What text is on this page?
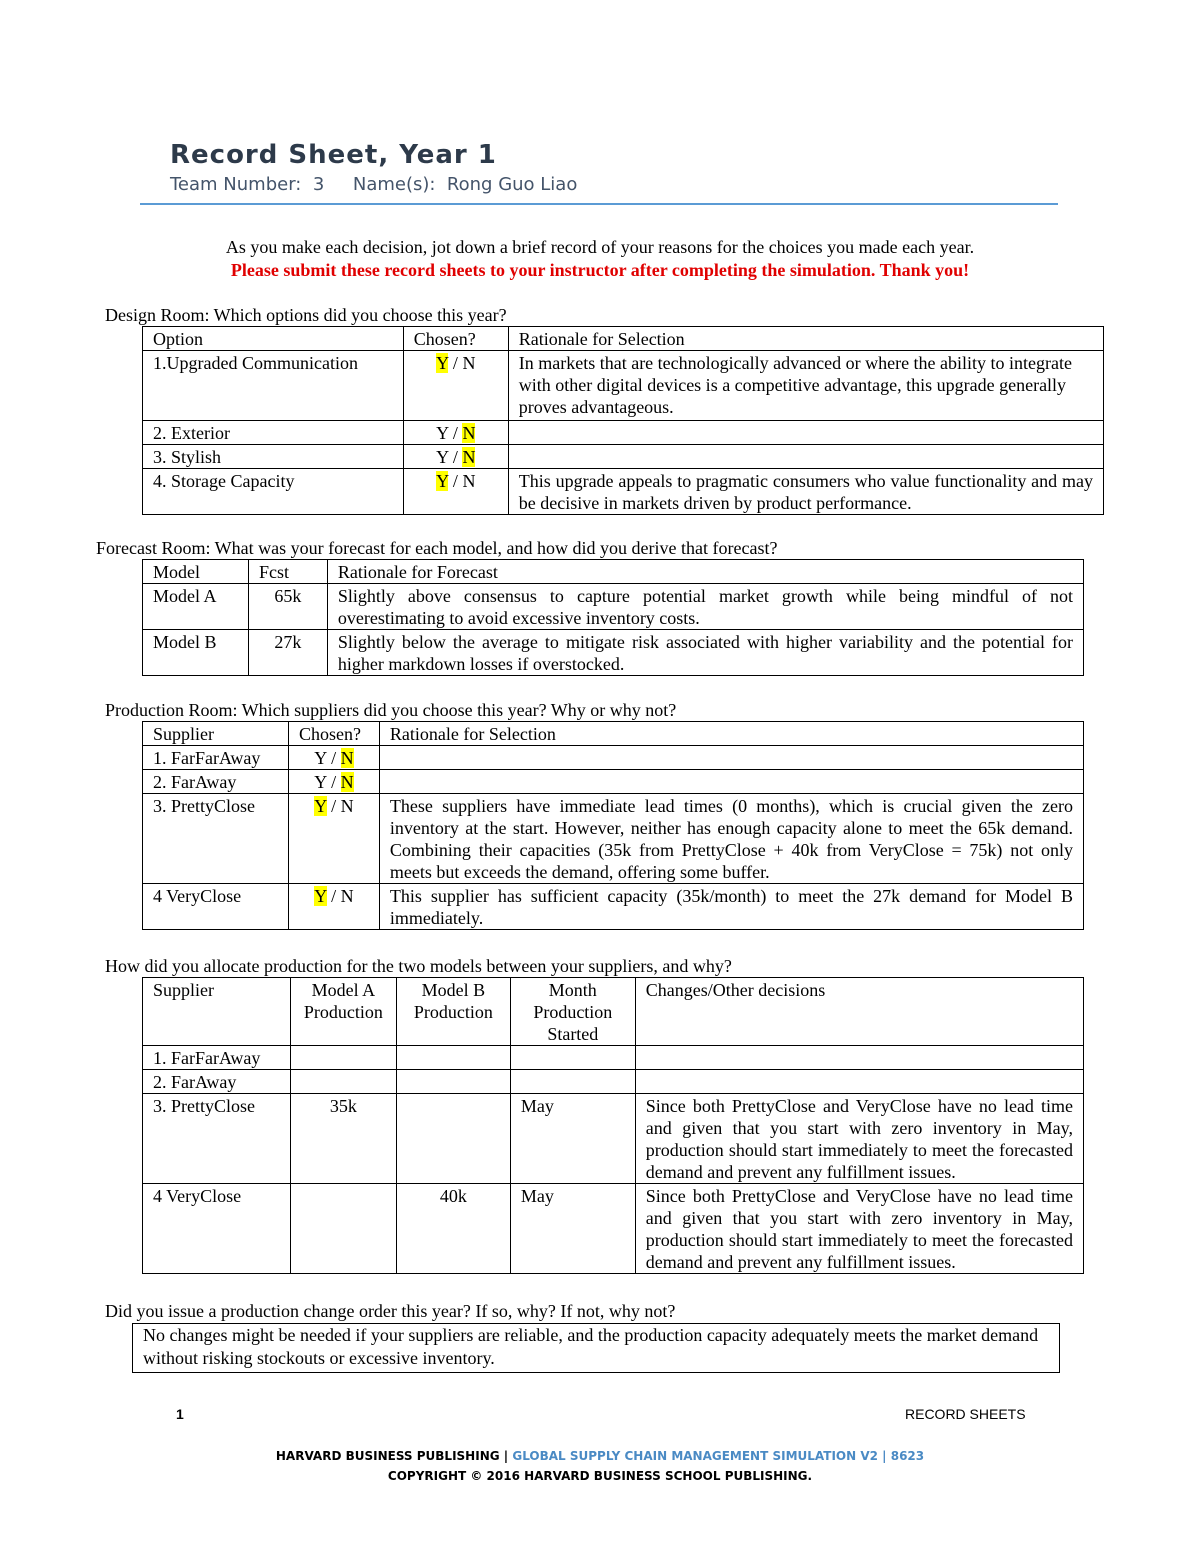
Record Sheet, Year 1
Team Number: 3 Name(s): Rong Guo Liao
As you make each decision, jot down a brief record of your reasons for the choices you made each year.
Please submit these record sheets to your instructor after completing the simulation. Thank you!
Design Room: Which options did you choose this year?
Option	Chosen?	Rationale for Selection
1.Upgraded Communication	Y / N	In markets that are technologically advanced or where the ability to integrate with other digital devices is a competitive advantage, this upgrade generally proves advantageous.
2. Exterior	Y / N	
3. Stylish	Y / N	
4. Storage Capacity	Y / N	This upgrade appeals to pragmatic consumers who value functionality and may be decisive in markets driven by product performance.
Forecast Room: What was your forecast for each model, and how did you derive that forecast?
Model	Fcst	Rationale for Forecast
Model A	65k	Slightly above consensus to capture potential market growth while being mindful of not overestimating to avoid excessive inventory costs.
Model B	27k	Slightly below the average to mitigate risk associated with higher variability and the potential for higher markdown losses if overstocked.
Production Room: Which suppliers did you choose this year? Why or why not?
Supplier	Chosen?	Rationale for Selection
1. FarFarAway	Y / N	
2. FarAway	Y / N	
3. PrettyClose	Y / N	These suppliers have immediate lead times (0 months), which is crucial given the zero inventory at the start. However, neither has enough capacity alone to meet the 65k demand. Combining their capacities (35k from PrettyClose + 40k from VeryClose = 75k) not only meets but exceeds the demand, offering some buffer.
4 VeryClose	Y / N	This supplier has sufficient capacity (35k/month) to meet the 27k demand for Model B immediately.
How did you allocate production for the two models between your suppliers, and why?
Supplier	Model A Production	Model B Production	Month Production Started	Changes/Other decisions
1. FarFarAway				
2. FarAway				
3. PrettyClose	35k		May	Since both PrettyClose and VeryClose have no lead time and given that you start with zero inventory in May, production should start immediately to meet the forecasted demand and prevent any fulfillment issues.
4 VeryClose		40k	May	Since both PrettyClose and VeryClose have no lead time and given that you start with zero inventory in May, production should start immediately to meet the forecasted demand and prevent any fulfillment issues.
Did you issue a production change order this year? If so, why? If not, why not?
No changes might be needed if your suppliers are reliable, and the production capacity adequately meets the market demand without risking stockouts or excessive inventory.
1	RECORD SHEETS
HARVARD BUSINESS PUBLISHING | GLOBAL SUPPLY CHAIN MANAGEMENT SIMULATION V2 | 8623
COPYRIGHT © 2016 HARVARD BUSINESS SCHOOL PUBLISHING.
